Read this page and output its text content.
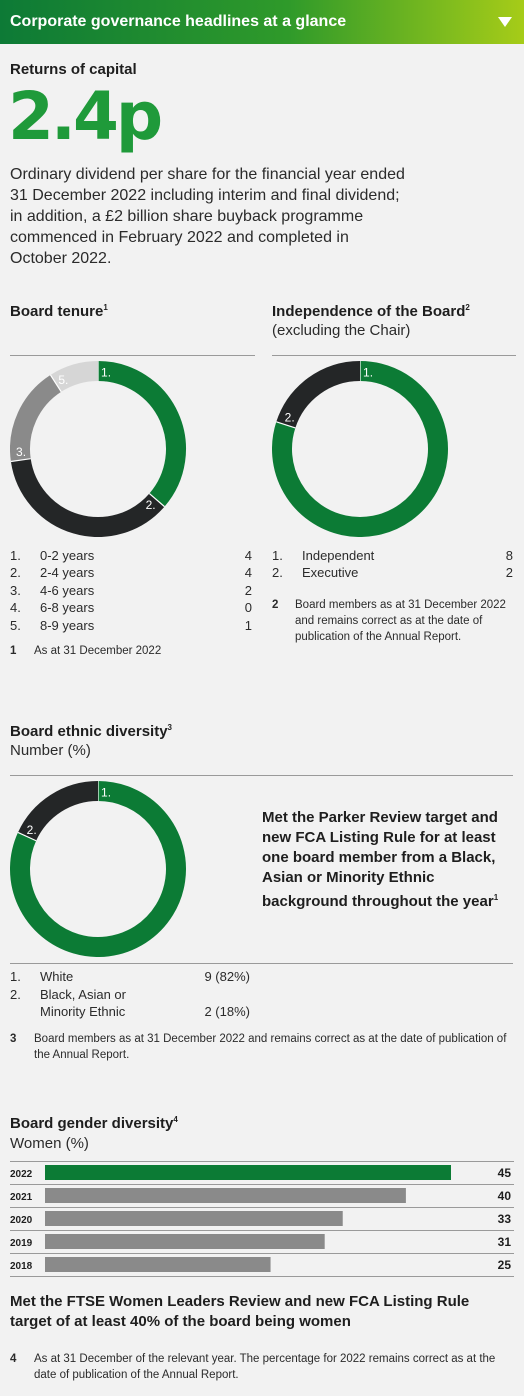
Corporate governance headlines at a glance
Returns of capital
2.4p
Ordinary dividend per share for the financial year ended 31 December 2022 including interim and final dividend; in addition, a £2 billion share buyback programme commenced in February 2022 and completed in October 2022.
Board tenure$^1$
1.
2.
3.
5.
1. 0-2 years	4
2. 2-4 years	4
3. 4-6 years	2
4. 6-8 years	0
5. 8-9 years	1
1 As at 31 December 2022
Independence of the Board$^2$
(excluding the Chair)
1.
2.
1. Independent	8
2. Executive	2
2 Board members as at 31 December 2022 and remains correct as at the date of publication of the Annual Report.
Board ethnic diversity$^3$
Number (%)
1.
2.
Met the Parker Review target and new FCA Listing Rule for at least one board member from a Black, Asian or Minority Ethnic background throughout the year$^1$
1. White	9 (82%)
2. Black, Asian or
Minority Ethnic	2 (18%)
3 Board members as at 31 December 2022 and remains correct as at the date of publication of the Annual Report.
Board gender diversity$^4$
Women (%)
2022	45
2021	40
2020	33
2019	31
2018	25
Met the FTSE Women Leaders Review and new FCA Listing Rule target of at least 40% of the board being women
4 As at 31 December of the relevant year. The percentage for 2022 remains correct as at the date of publication of the Annual Report.
